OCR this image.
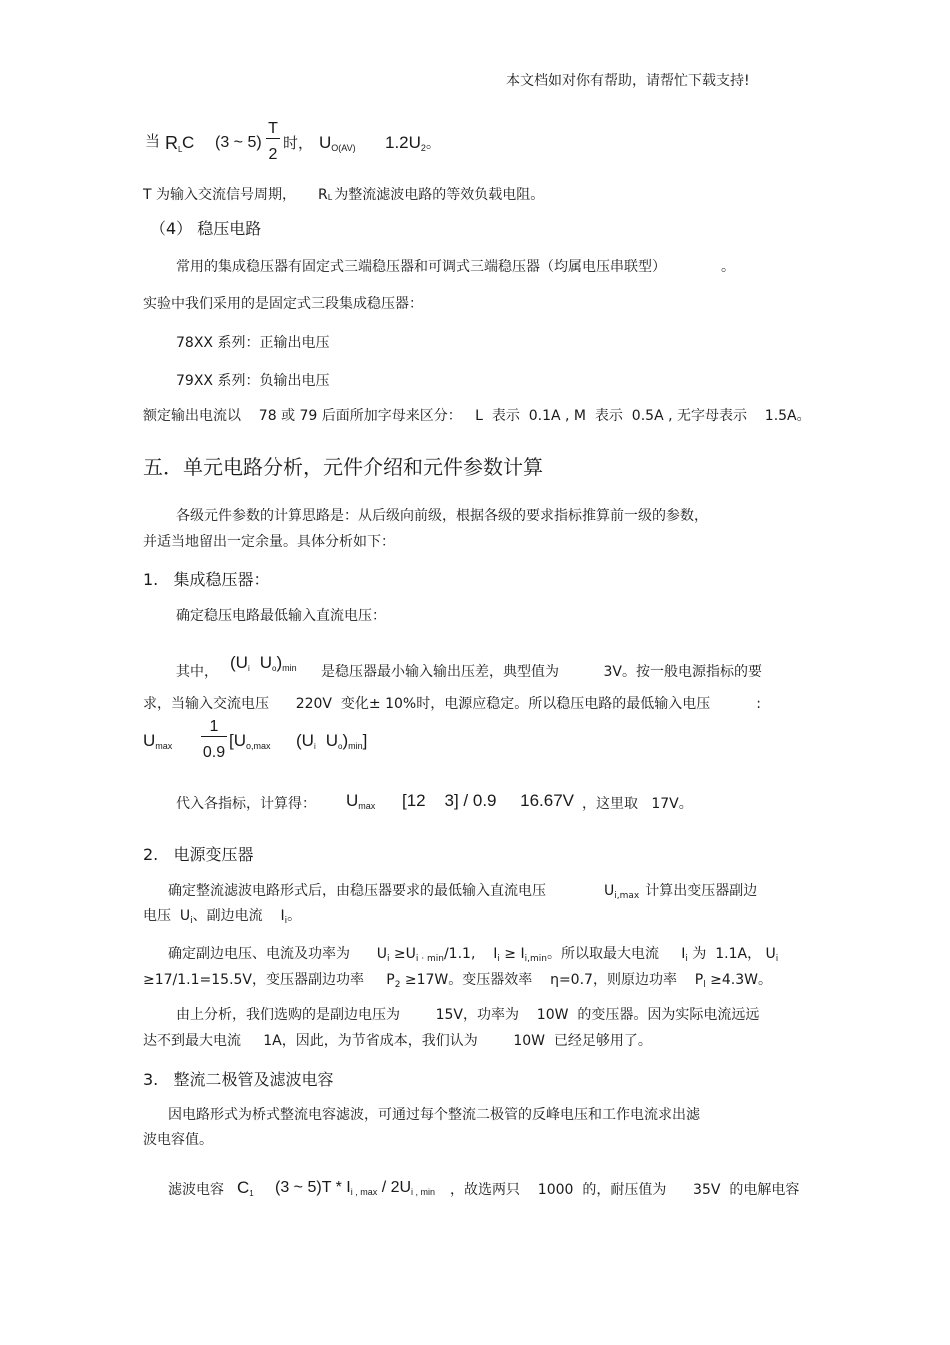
本文档如对你有帮助，请帮忙下载支持!
当 RL C (3 ~ 5)
T
2
时， UO(AV) 1.2U2。
T 为输入交流信号周期， RL 为整流滤波电路的等效负载电阻。
（4） 稳压电路
常用的集成稳压器有固定式三端稳压器和可调式三端稳压器（均属电压串联型）	。
实验中我们采用的是固定式三段集成稳压器：
78XX 系列：正输出电压
79XX 系列：负输出电压
额定输出电流以    78 或 79 后面所加字母来区分：   L  表示  0.1A , M  表示  0.5A , 无字母表示    1.5A。
五．单元电路分析，元件介绍和元件参数计算
各级元件参数的计算思路是：从后级向前级，根据各级的要求指标推算前一级的参数，
并适当地留出一定余量。具体分析如下：
1.   集成稳压器：
确定稳压电路最低输入直流电压：
其中， (Ui Uo)min 是稳压器最小输入输出压差，典型值为          3V。按一般电源指标的要
求，当输入交流电压      220V  变化± 10%时，电源应稳定。所以稳压电路的最低输入电压	:
Umax
1
0.9
[Uo,max (Ui Uo)min]
代入各指标，计算得： Umax [12    3] / 0.9     16.67V ，这里取   17V。
2.   电源变压器
确定整流滤波电路形式后，由稳压器要求的最低输入直流电压	$U_{i,max}$ 计算出变压器副边
电压  $U_i$、副边电流    $I_i$。
确定副边电压、电流及功率为      $U_i \ge U_{i \cdot min}/1.1$,    $I_i \ge I_{i,min}$。所以取最大电流     $I_i$ 为  1.1A， $U_i$
≥17/1.1=15.5V，变压器副边功率     $P_2 \ge 17W$。变压器效率    η=0.7，则原边功率    $P_l \ge 4.3W$。
由上分析，我们选购的是副边电压为        15V，功率为    10W  的变压器。因为实际电流远远
达不到最大电流     1A，因此，为节省成本，我们认为        10W  已经足够用了。
3.   整流二极管及滤波电容
因电路形式为桥式整流电容滤波，可通过每个整流二极管的反峰电压和工作电流求出滤
波电容值。
滤波电容 C1 (3 ~ 5)T * Ii , max / 2Ui , min ，故选两只    1000  的，耐压值为      35V  的电解电容
